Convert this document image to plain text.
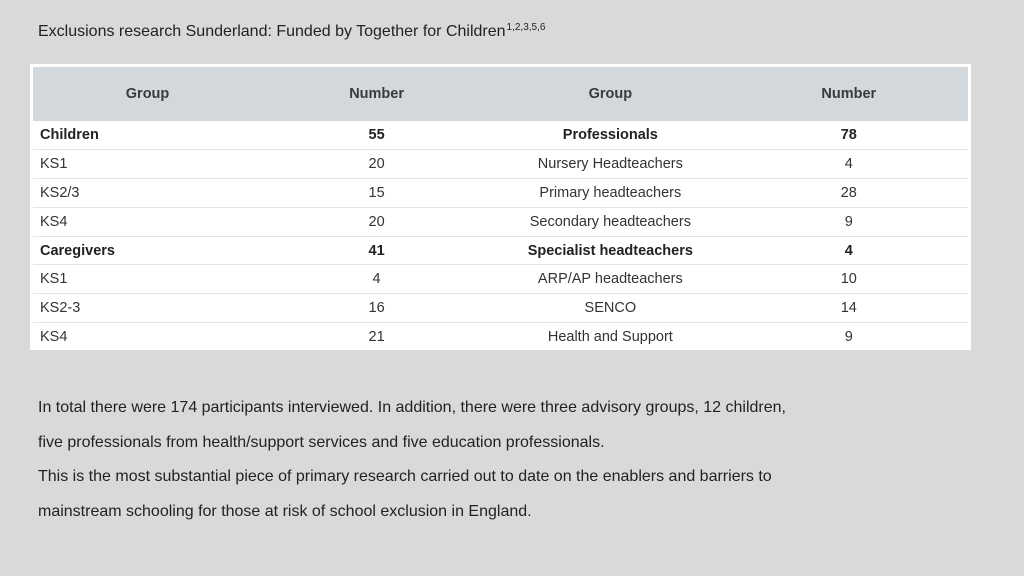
Exclusions research Sunderland: Funded by Together for Children$^{1,2,3,5,6}$
Group	Number	Group	Number
Children	55	Professionals	78
KS1	20	Nursery Headteachers	4
KS2/3	15	Primary headteachers	28
KS4	20	Secondary headteachers	9
Caregivers	41	Specialist headteachers	4
KS1	4	ARP/AP headteachers	10
KS2-3	16	SENCO	14
KS4	21	Health and Support	9
In total there were 174 participants interviewed. In addition, there were three advisory groups, 12 children,
five professionals from health/support services and five education professionals.
This is the most substantial piece of primary research carried out to date on the enablers and barriers to
mainstream schooling for those at risk of school exclusion in England.
